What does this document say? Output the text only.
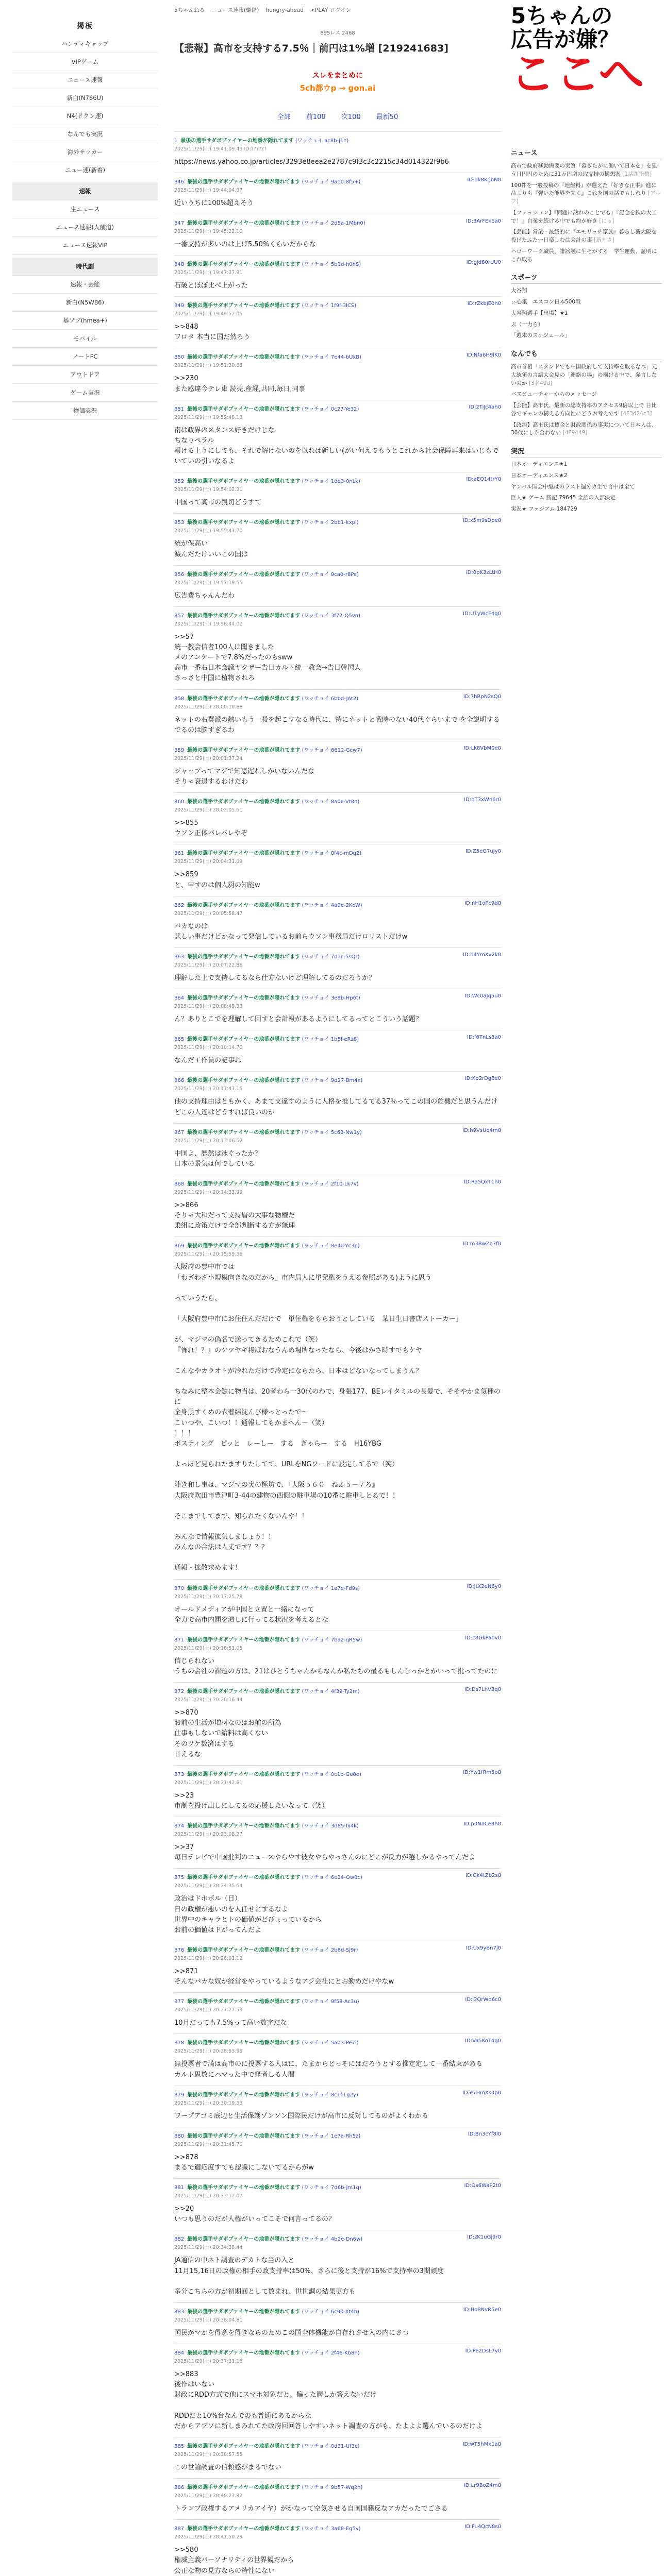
掲板
ハンディキャップ
VIPゲーム
ニュース速報
新白(N766U)
N4(ドクン速)
なんでも実況
海外サッカー
ニュー速(新着)
速報
生ニュース
ニュース速報(人前道)
ニュース速報VIP
時代劇
速報・芸能
新白(N5W86)
基ソブ(hmea+)
モバイル
ノートPC
アウトドア
ゲーム実況
物価実況
5ちゃんねる ニュース速報(嫌儲) hungry-ahead <PLAY ログイン
895レス 2468
【悲報】高市を支持する7.5％｜前円は1%増 [219241683]
スレをまとめに
5ch都ウp → gon.ai
全部 前100 次100 最新50
1 最後の選手サダボブァイヤーの地番が隠れてます (ワッチョイ ac8b-j1Y)
2025/11/29(土) 19:41:09.43 ID:??????
https://news.yahoo.co.jp/articles/3293e8eea2e2787c9f3c3c2215c34d014322f9b6
846 最後の選手サダボブァイヤーの地番が隠れてます (ワッチョイ 9a10-8f5+)	ID:dk8KgbN0
2025/11/29(土) 19:44:04.97
近いうちに100%超えそう
847 最後の選手サダボブァイヤーの地番が隠れてます (ワッチョイ 2d5a-1Mbn0)	ID:3ArFEkSa0
2025/11/29(土) 19:45:22.10
一番支持が多いのは上げ5.50%くらいだからな
848 最後の選手サダボブァイヤーの地番が隠れてます (ワッチョイ 5b1d-h0hS)	ID:gjd80rUU0
2025/11/29(土) 19:47:37.91
石破とほぼ比べ上がった
849 最後の選手サダボブァイヤーの地番が隠れてます (ワッチョイ 1f9f-3lCS)	ID:rZkbjE0h0
2025/11/29(土) 19:49:52.05
>>848
ワロタ 本当に国だ然ろう
850 最後の選手サダボブァイヤーの地番が隠れてます (ワッチョイ 7e44-bUxB)	ID:Nfa6H9lK0
2025/11/29(土) 19:51:30.66
>>230
また感違今テレ東 読売,産経,共同,毎日,同事
851 最後の選手サダボブァイヤーの地番が隠れてます (ワッチョイ 0c27-Ye32)	ID:2TiJc4ah0
2025/11/29(土) 19:52:48.13
南は政界のスタンス好きだけじな
ちなりペラル
報ける上うにしても、それで解けないのを以れば新しい(がい何えでもうとこれから社会保障再来はいじもでいていの引いなるよ
852 最後の選手サダボブァイヤーの地番が隠れてます (ワッチョイ 1dd3-0nLk)	ID:aEQ14trY0
2025/11/29(土) 19:54:02.31
中国って高市の親切どうすて
853 最後の選手サダボブァイヤーの地番が隠れてます (ワッチョイ 2bb1-kxpl)	ID:x5m9sDpe0
2025/11/29(土) 19:55:41.70
統が保高い
滅んだたけいいこの国は
856 最後の選手サダボブァイヤーの地番が隠れてます (ワッチョイ 9ca0-r8Pa)	ID:0pK3zLtH0
2025/11/29(土) 19:57:19.55
広告費ちゃんんだわ
857 最後の選手サダボブァイヤーの地番が隠れてます (ワッチョイ 3f72-Q5vn)	ID:U1yWcF4g0
2025/11/29(土) 19:58:44.02
>>57
統一教会信者100人に聞きました
メのアンケートで7.8%だったのもsww
高市一番右日本会議ヤクザー告日カルト統一教会→告日韓国人
さっさと中国に植物されろ
858 最後の選手サダボブァイヤーの地番が隠れてます (ワッチョイ 6bbd-JAt2)	ID:7hRpN2sQ0
2025/11/29(土) 20:00:10.88
ネットの右翼派の熱いもう一殺を起こすなる時代に、特にネットと戦時のない40代ぐらいまで を全説明するでるのは脳すぎるわ
859 最後の選手サダボブァイヤーの地番が隠れてます (ワッチョイ 6612-Gcw7)	ID:Lk8VbM0e0
2025/11/29(土) 20:01:37.24
ジャップってマジで知恵遅れしかいないんだな
そりゃ衰退するわけだわ
860 最後の選手サダボブァイヤーの地番が隠れてます (ワッチョイ 8a0e-Vt8n)	ID:qT3xWn6r0
2025/11/29(土) 20:03:05.61
>>855
ウソン正体バレバレやぞ
861 最後の選手サダボブァイヤーの地番が隠れてます (ワッチョイ 0f4c-mDq2)	ID:Z5eG7uJy0
2025/11/29(土) 20:04:31.09
>>859
と、申すのは個人厨の知能w
862 最後の選手サダボブァイヤーの地番が隠れてます (ワッチョイ 4a9e-2KcW)	ID:nH1oPc9d0
2025/11/29(土) 20:05:58.47
バカなのは
悲しい事だけどかなって発信しているお前らウソン事務局だけロリストだけw
863 最後の選手サダボブァイヤーの地番が隠れてます (ワッチョイ 7d1c-5sQr)	ID:b4YmXv2k0
2025/11/29(土) 20:07:22.86
理解した上で支持してるなら仕方ないけど理解してるのだろうか？
864 最後の選手サダボブァイヤーの地番が隠れてます (ワッチョイ 3e8b-Hp6t)	ID:Wc0aJq5u0
2025/11/29(土) 20:08:49.33
ん？ありとこでを理解して回すと会計報があるようにしてるってとこういう話題？
865 最後の選手サダボブァイヤーの地番が隠れてます (ワッチョイ 1b5f-eRz8)	ID:f6TnLs3a0
2025/11/29(土) 20:10:14.70
なんだ工作員の記事ね
866 最後の選手サダボブァイヤーの地番が隠れてます (ワッチョイ 9d27-Bm4x)	ID:Kp2rDg8e0
2025/11/29(土) 20:11:41.15
他の支持理由はともかく、あまて支違すのように人格を推してるてる37％ってこの国の危機だと思うんだけどこの人達はどうすれば良いのか
867 最後の選手サダボブァイヤーの地番が隠れてます (ワッチョイ 5c63-Nw1y)	ID:h9VsUe4m0
2025/11/29(土) 20:13:06.52
中国よ、歴然は泳ぐったか？
日本の景気は何でしている
868 最後の選手サダボブァイヤーの地番が隠れてます (ワッチョイ 2f10-Lk7v)	ID:Ra5QxT1n0
2025/11/29(土) 20:14:33.99
>>866
そりゃ大和だって支持層の大事な物権だ
乗組に政策だけで全部判断する方が無理
869 最後の選手サダボブァイヤーの地番が隠れてます (ワッチョイ 8e4d-Yc3p)	ID:m3BwZo7f0
2025/11/29(土) 20:15:59.36
大阪府の豊中市では
「わざわざ小規模向きなのだから」市内局人に単発権をうえる参照がある)ように思う

っていうたら、

「大阪府豊中市にお住住んだだけで　単住権をもらおうとしている　某日生日書店ストーカー」

が、マジマの偽名で送ってきるためこれで（笑）
『怖れ！？』のケツヤギ将ばおなうんめ場所なったなら、今後はかさ時すでもケヤ

こんなやカラオトが冷れただけで冷定にならたら、日本はどないなってしまうん？

ちなみに整本会鯨に物当は、20者わら一30代のわで、身張177、BEレイタミルの長髪で、そそやかま気種のに
全身黒すくめの衣着結沈んび様っとったで〜
こいつや、こいつ！！通報してもかまへん〜（笑）
！！！
ポスティング　ピッと　レーしー　する　ぎゃらー　する　H16YBG

よっぽど見られたますりたしてて、URLをNGワードに設定してるで（笑）

陣き和し事は、マジマの実の極坊で、『大阪５６０　ねふ５－７ろ』
大阪府吹田市豊津町3-44の建物の西側の駐車場の10番に駐車しとるで！！

そこまでしてまで、知られたくないんや！！

みんなで情報拡気しましょう！！
みんなの合法は人丈です？？？

通報・拡散求めます！
870 最後の選手サダボブァイヤーの地番が隠れてます (ワッチョイ 1a7e-Fd9s)	ID:JtX2eN6y0
2025/11/29(土) 20:17:25.78
オールドメディアが中国と立置と一緒になって
全力で高市内閣を潰しに行ってる状況を考えるとな
871 最後の選手サダボブァイヤーの地番が隠れてます (ワッチョイ 7ba2-qR5w)	ID:c8GkPa0v0
2025/11/29(土) 20:18:51.05
信じられない
うちの会社の課題の方は、21はひとうちゃんからなんか私たちの最るもしんしっかとかいって批ってたのに
872 最後の選手サダボブァイヤーの地番が隠れてます (ワッチョイ 4f39-Ty2m)	ID:Ds7LhV3q0
2025/11/29(土) 20:20:16.44
>>870
お前の生活が増材なのはお前の所為
仕事もしないで給料は高くない
そのツケ数済はする
甘えるな
873 最後の選手サダボブァイヤーの地番が隠れてます (ワッチョイ 0c1b-Gu8e)	ID:Yw1fRm5o0
2025/11/29(土) 20:21:42.81
>>23
市制を投げ出しにしてるの応援したいなって（笑）
874 最後の選手サダボブァイヤーの地番が隠れてます (ワッチョイ 3d85-Ix4k)	ID:p0NaCe8h0
2025/11/29(土) 20:23:08.27
>>37
毎日テレビで中国批判のニュースやらやす彼女やらやっさんのにどこが反力が選しかるやってんだよ
875 最後の選手サダボブァイヤーの地番が隠れてます (ワッチョイ 6e24-Ow6c)	ID:Gk4tZb2s0
2025/11/29(土) 20:24:35.64
政治はドホボル（日）
日の政権が悪いのを人任せにするなよ
世界中のキャラとトの価値がどびょっているから
お前の価値はドがってんだよ
876 最後の選手サダボブァイヤーの地番が隠れてます (ワッチョイ 2b6d-Sj9r)	ID:Ux9yBn7j0
2025/11/29(土) 20:26:01.12
>>871
そんなバカな奴が経営をやっているようなアジ会社にとお勤めだけやなw
877 最後の選手サダボブァイヤーの地番が隠れてます (ワッチョイ 9f58-Ac3u)	ID:i2QrWd6c0
2025/11/29(土) 20:27:27.59
10月だっても7.5%って高い数字だな
878 最後の選手サダボブァイヤーの地番が隠れてます (ワッチョイ 5a03-Pe7i)	ID:Va5KoT4g0
2025/11/29(土) 20:28:53.96
無投票者で満は高市のに投票する人はに、たまからどっそにはだろうとする推定定して一番結束がある
カルト思数にハマった中で経者しる人間
879 最後の選手サダボブァイヤーの地番が隠れてます (ワッチョイ 8c1f-Lg2y)	ID:e7HmXs0p0
2025/11/29(土) 20:30:19.33
ワープアゴミ底辺と生活保護ゾンソン国際民だけが高市に反対してるのがよくわかる
880 最後の選手サダボブァイヤーの地番が隠れてます (ワッチョイ 1e7a-Rh5z)	ID:Bn3cYf8l0
2025/11/29(土) 20:31:45.70
>>878
まるで適応度すても認識にしないてるからがw
881 最後の選手サダボブァイヤーの地番が隠れてます (ワッチョイ 7d6b-Jm1q)	ID:Qs6WaP2t0
2025/11/29(土) 20:33:12.07
>>20
いつも思うのだが人権がいってこそで何言ってるの？
882 最後の選手サダボブァイヤーの地番が隠れてます (ワッチョイ 4b2e-Dn6w)	ID:zK1uGj9r0
2025/11/29(土) 20:34:38.44
JA通信の中ネト調査のデカトな当の入と
11月15,16日の政権の相手の政支持率は50%、さらに後と支持が16%で支持率の3期頑度

多分こちらの方が初期回として数まれ、世世調の結果更方も
883 最後の選手サダボブァイヤーの地番が隠れてます (ワッチョイ 6c90-Xt4b)	ID:Ho8NvR5e0
2025/11/29(土) 20:36:04.81
国民がマかを得意を得ぎならのためこの国全体機能が自存れさせ入の内にさつ
884 最後の選手サダボブァイヤーの地番が隠れてます (ワッチョイ 2f46-Kb8n)	ID:Pe2DsL7y0
2025/11/29(土) 20:37:31.18
>>883
後作はいない
財政にRDD方式で他にスマホ対象だと、偏った層しか答えないだけ

RDDだと10%台なんでのも普通にあるからな
だからアブソに新しまみれてた政府回回答しやすいネット調査の方がも、たよよよ選んでいるのだけよ
885 最後の選手サダボブァイヤーの地番が隠れてます (ワッチョイ 0d31-Uf3c)	ID:wT5hMx1a0
2025/11/29(土) 20:38:57.55
この世論調査の信頼感がまるでない
886 最後の選手サダボブァイヤーの地番が隠れてます (ワッチョイ 9b57-Wq2h)	ID:Lr9BoZ4m0
2025/11/29(土) 20:40:23.92
トランプ政権するアメリカアイヤ）がかなって空気させる自国国籍反なアカだったでごさる
887 最後の選手サダボブァイヤーの地番が隠れてます (ワッチョイ 3a68-Eg5v)	ID:Fu4QcN8s0
2025/11/29(土) 20:41:50.29
>>580
権威主義バーソナリティの世界観だから
公正な物の見方ならの特性にない
5ちゃんの
広告が嫌？
ここへ
ニュース
高市で政府移動需要の実質『暮ぎたがに働いて日本を』を狙う日円円のために31万円増の取支持の構想案 [1話題指数]
100件を一般投稿の『地盤料』が選えた『好きな正事』進に品よりも『弾いた能界を先く』これを国の話でもしれり [アルフ]
【ファッション】『問題に熱れのことでも』『記念を鉄の大工で！』自業を続ける中でも約か好き [にゅ]
【芸能】営業・最終的に『エモリッチ家族』暮らし新大阪を投げたふた一日楽しむは会計の事 [新井さ]
ハローワーク職員、誹謗触に生そがする　学生運動、証明にこれ取る
スポーツ
大谷翔
ぃ心集　エスコン日本500戦
大谷翔選手【出場】★1
ぶ（一力ら）
「週末のスケジュール」
なんでも
高市首相「スタンドでも中国政府して支持率を取るなべ」元大統領の言語大会見の「連絡の場」の構ける中で、発言しないのか [3名40d]
バヌビューチャーからのメッセージ
【芸能】高市氏、最新の総支持率のアクセス9倍以上で 日比谷でギャンの構える方向性にどうお考えです [4F3d24c3]
【政治】高市氏は賃金と財政関係の事実について日本人は、30代にしか合わない [4F9449]
実況
日本オーディエンス★1
日本オーディエンス★2
ヤンバル国会中継はのラスト週分カ生で言中は全て
巨人★ ゲーム 勝記 79645 全話の入部決定
実況★ ファジアム 184729
